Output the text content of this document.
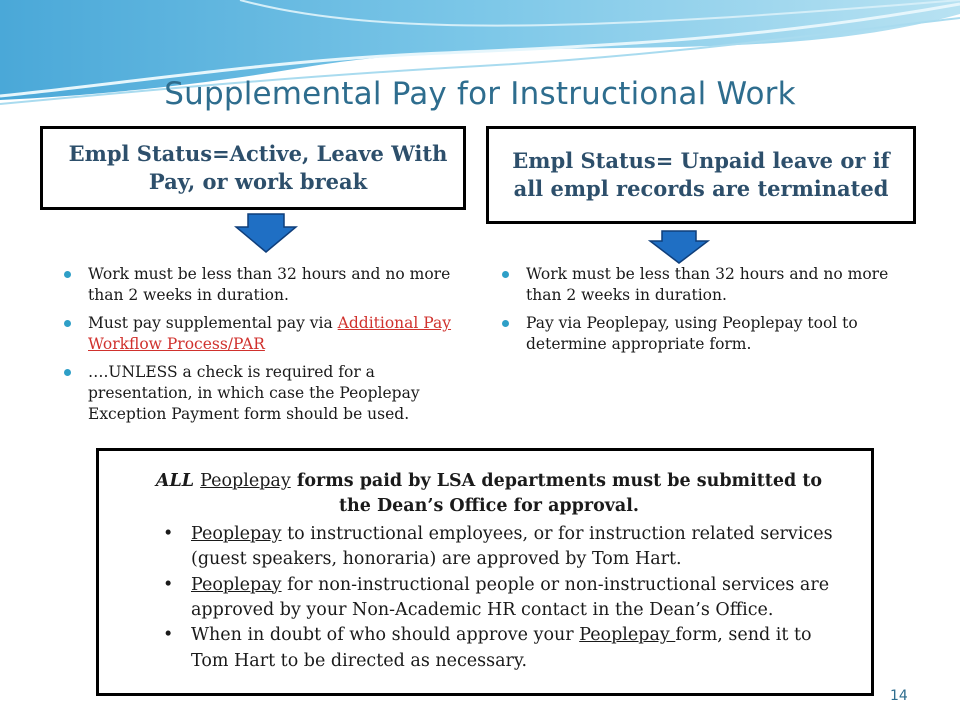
Supplemental Pay for Instructional Work
Empl Status=Active, Leave With Pay, or work break
Empl Status= Unpaid leave or if all empl records are terminated
Work must be less than 32 hours and no more than 2 weeks in duration.
Must pay supplemental pay via Additional Pay Workflow Process/PAR
….UNLESS a check is required for a presentation, in which case the Peoplepay Exception Payment form should be used.
Work must be less than 32 hours and no more than 2 weeks in duration.
Pay via Peoplepay, using Peoplepay tool to determine appropriate form.
ALL Peoplepay forms paid by LSA departments must be submitted to the Dean’s Office for approval.
• Peoplepay to instructional employees, or for instruction related services (guest speakers, honoraria) are approved by Tom Hart.
• Peoplepay for non-instructional people or non-instructional services are approved by your Non-Academic HR contact in the Dean’s Office.
• When in doubt of who should approve your Peoplepay form, send it to Tom Hart to be directed as necessary.
14
